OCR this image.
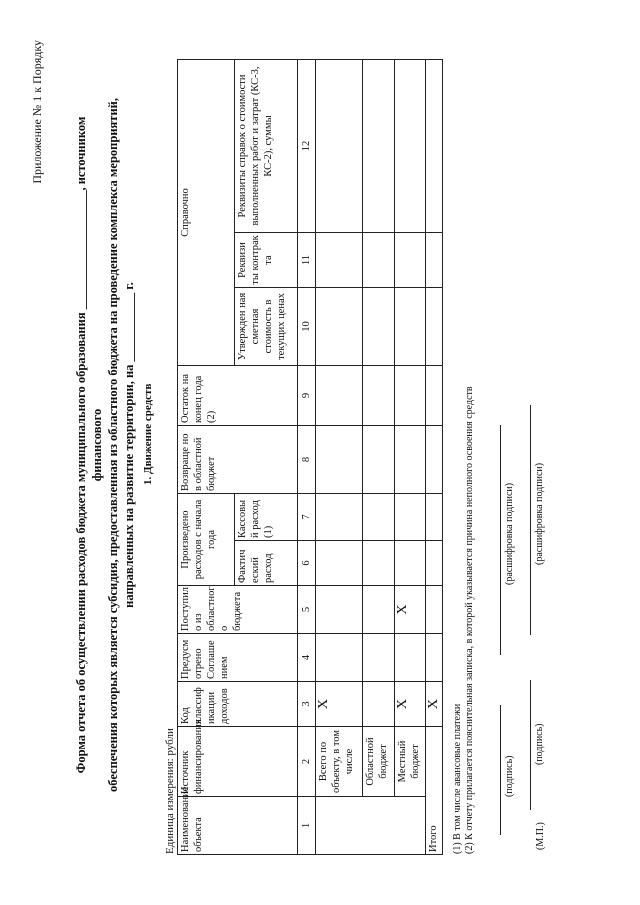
Приложение № 1 к Порядку
Форма отчета об осуществлении расходов бюджета муниципального образования ___________________, источником финансового обеспечения которых является субсидия, предоставленная из областного бюджета на проведение комплекса мероприятий, направленных на развитие территории, на ___________ г. 1. Движение средств
Единица измерения: рубли Наименование объекта	Источник финансирования	Код классиф икации доходов	Предусм отрено Соглаше нием	Поступил о из областног о бюджета	Произведено расходов с начала года		Возвраще но в областной бюджет	Остаток на конец года (2)	Справочно		
					Фактич еский расход	Кассовы й расход (1)			Утвержден ная сметная стоимость в текущих ценах	Реквизи ты контрак та	Реквизиты справок о стоимости выполненных работ и затрат (КС-3, КС-2), суммы

1	2	3	4	5	6	7	8	9	10	11	12
	Всего по объекту, в том числе	X									
	Областной бюджет										
	Местный бюджет	X		X							
Итого		X									(1) В том числе авансовые платежи (2) К отчету прилагается пояснительная записка, в которой указывается причина неполного освоения средств	(подпись)
(расшифровка подписи)
(М.П.)
(подпись)
(расшифровка подписи)
